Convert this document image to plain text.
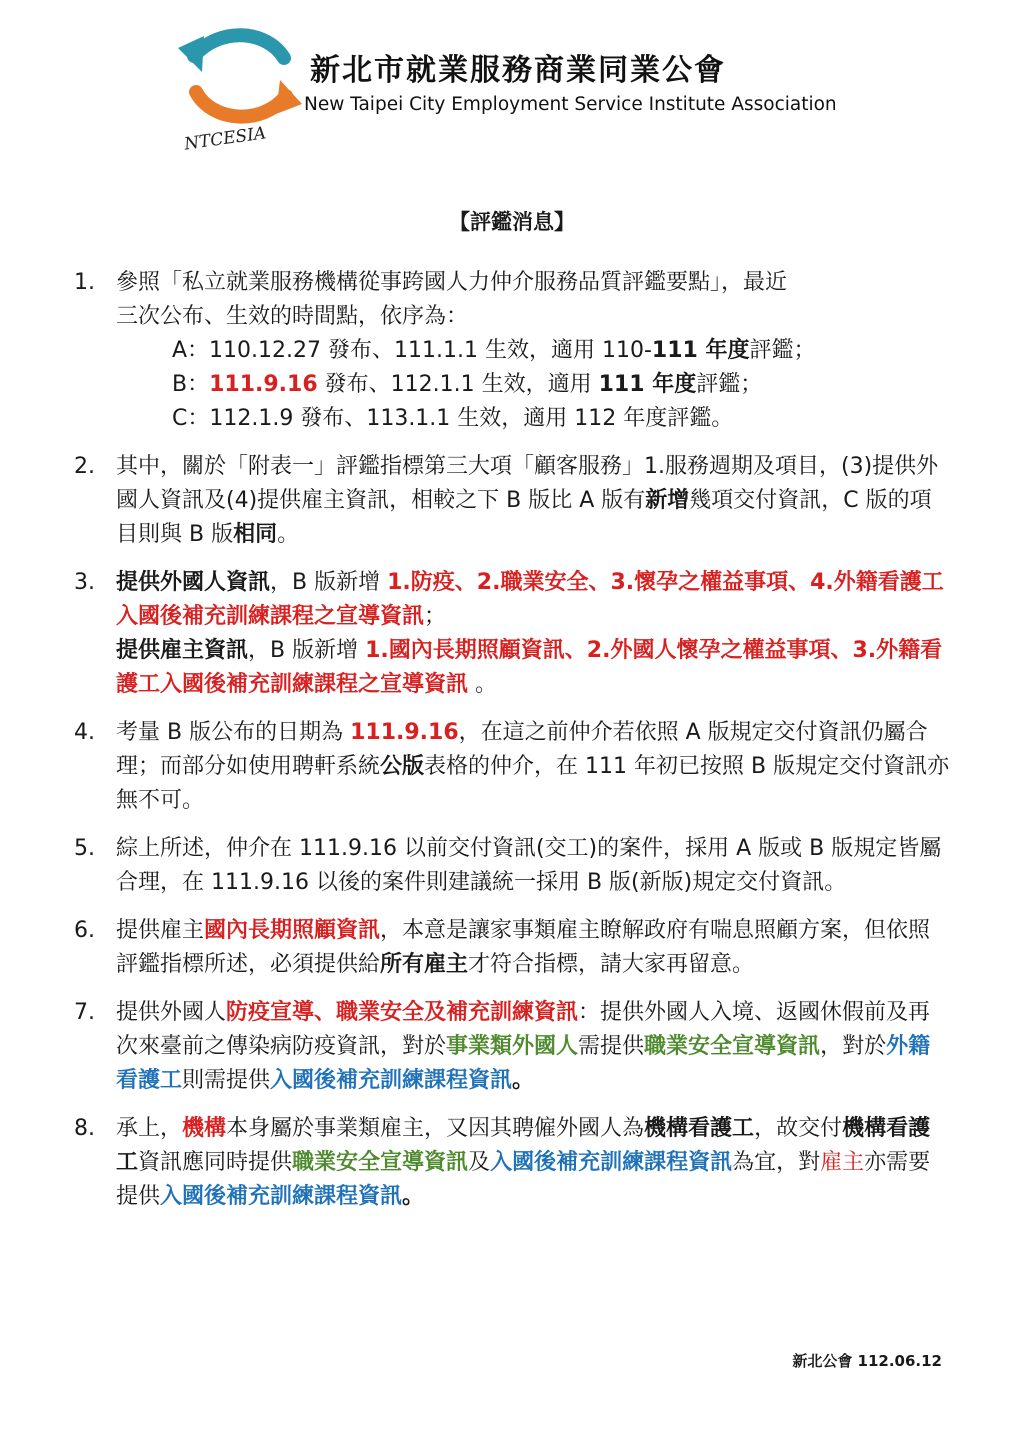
NTCESIA
新北市就業服務商業同業公會
New Taipei City Employment Service Institute Association
【評鑑消息】
1. 參照「私立就業服務機構從事跨國人力仲介服務品質評鑑要點」，最近
三次公布、生效的時間點，依序為：
A：110.12.27 發布、111.1.1 生效，適用 110-111 年度評鑑；
B：111.9.16 發布、112.1.1 生效，適用 111 年度評鑑；
C：112.1.9 發布、113.1.1 生效，適用 112 年度評鑑。
2. 其中，關於「附表一」評鑑指標第三大項「顧客服務」1.服務週期及項目，(3)提供外國人資訊及(4)提供雇主資訊，相較之下 B 版比 A 版有新增幾項交付資訊，C 版的項目則與 B 版相同。
3. 提供外國人資訊，B 版新增 1.防疫、2.職業安全、3.懷孕之權益事項、4.外籍看護工入國後補充訓練課程之宣導資訊；
提供雇主資訊，B 版新增 1.國內長期照顧資訊、2.外國人懷孕之權益事項、3.外籍看護工入國後補充訓練課程之宣導資訊 。
4. 考量 B 版公布的日期為 111.9.16，在這之前仲介若依照 A 版規定交付資訊仍屬合理；而部分如使用聘軒系統公版表格的仲介，在 111 年初已按照 B 版規定交付資訊亦無不可。
5. 綜上所述，仲介在 111.9.16 以前交付資訊(交工)的案件，採用 A 版或 B 版規定皆屬合理，在 111.9.16 以後的案件則建議統一採用 B 版(新版)規定交付資訊。
6. 提供雇主國內長期照顧資訊，本意是讓家事類雇主瞭解政府有喘息照顧方案，但依照評鑑指標所述，必須提供給所有雇主才符合指標，請大家再留意。
7. 提供外國人防疫宣導、職業安全及補充訓練資訊：提供外國人入境、返國休假前及再次來臺前之傳染病防疫資訊，對於事業類外國人需提供職業安全宣導資訊，對於外籍看護工則需提供入國後補充訓練課程資訊。
8. 承上，機構本身屬於事業類雇主，又因其聘僱外國人為機構看護工，故交付機構看護工資訊應同時提供職業安全宣導資訊及入國後補充訓練課程資訊為宜，對雇主亦需要提供入國後補充訓練課程資訊。
新北公會 112.06.12
